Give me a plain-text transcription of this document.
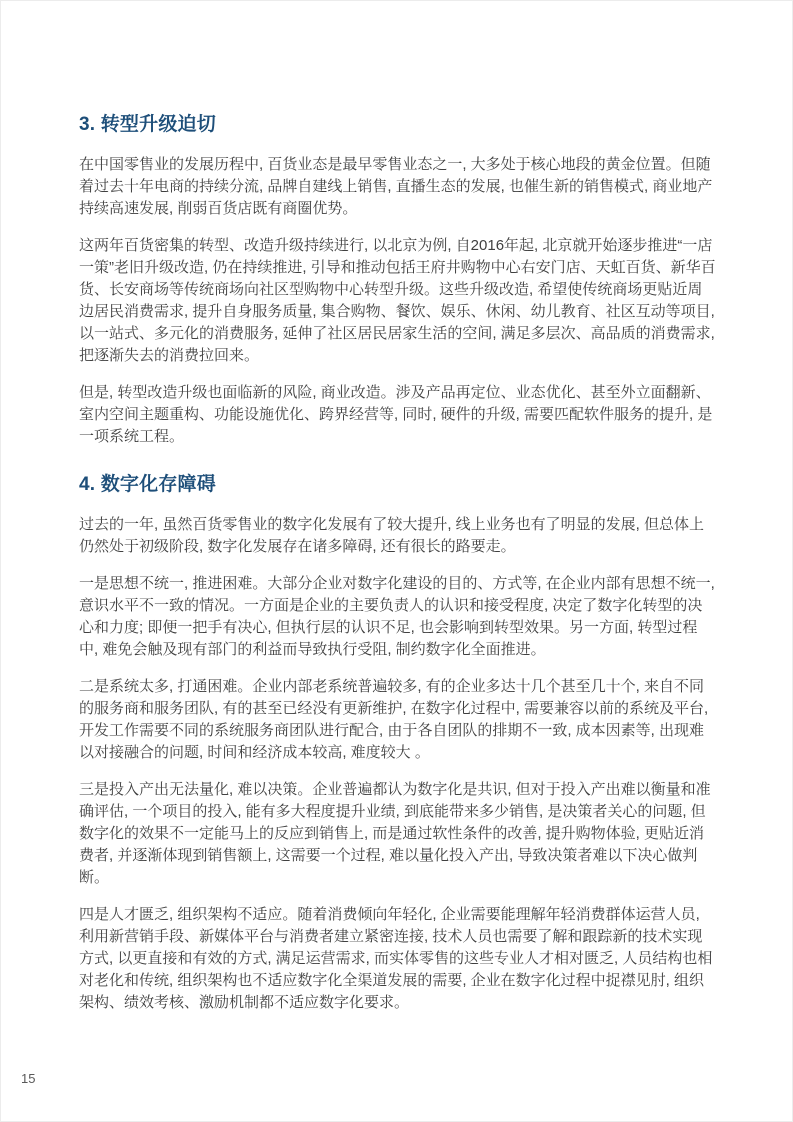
3. 转型升级迫切

在中国零售业的发展历程中, 百货业态是最早零售业态之一, 大多处于核心地段的黄金位置。但随着过去十年电商的持续分流, 品牌自建线上销售, 直播生态的发展, 也催生新的销售模式, 商业地产持续高速发展, 削弱百货店既有商圈优势。

这两年百货密集的转型、改造升级持续进行, 以北京为例, 自2016年起, 北京就开始逐步推进“一店一策”老旧升级改造, 仍在持续推进, 引导和推动包括王府井购物中心右安门店、天虹百货、新华百货、长安商场等传统商场向社区型购物中心转型升级。这些升级改造, 希望使传统商场更贴近周边居民消费需求, 提升自身服务质量, 集合购物、餐饮、娱乐、休闲、幼儿教育、社区互动等项目, 以一站式、多元化的消费服务, 延伸了社区居民居家生活的空间, 满足多层次、高品质的消费需求, 把逐渐失去的消费拉回来。

但是, 转型改造升级也面临新的风险, 商业改造。涉及产品再定位、业态优化、甚至外立面翻新、室内空间主题重构、功能设施优化、跨界经营等, 同时, 硬件的升级, 需要匹配软件服务的提升, 是一项系统工程。

4. 数字化存障碍

过去的一年, 虽然百货零售业的数字化发展有了较大提升, 线上业务也有了明显的发展, 但总体上仍然处于初级阶段, 数字化发展存在诸多障碍, 还有很长的路要走。

一是思想不统一, 推进困难。大部分企业对数字化建设的目的、方式等, 在企业内部有思想不统一, 意识水平不一致的情况。一方面是企业的主要负责人的认识和接受程度, 决定了数字化转型的决心和力度; 即便一把手有决心, 但执行层的认识不足, 也会影响到转型效果。另一方面, 转型过程中, 难免会触及现有部门的利益而导致执行受阻, 制约数字化全面推进。

二是系统太多, 打通困难。企业内部老系统普遍较多, 有的企业多达十几个甚至几十个, 来自不同的服务商和服务团队, 有的甚至已经没有更新维护, 在数字化过程中, 需要兼容以前的系统及平台, 开发工作需要不同的系统服务商团队进行配合, 由于各自团队的排期不一致, 成本因素等, 出现难以对接融合的问题, 时间和经济成本较高, 难度较大 。

三是投入产出无法量化, 难以决策。企业普遍都认为数字化是共识, 但对于投入产出难以衡量和准确评估, 一个项目的投入, 能有多大程度提升业绩, 到底能带来多少销售, 是决策者关心的问题, 但数字化的效果不一定能马上的反应到销售上, 而是通过软性条件的改善, 提升购物体验, 更贴近消费者, 并逐渐体现到销售额上, 这需要一个过程, 难以量化投入产出, 导致决策者难以下决心做判断。

四是人才匮乏, 组织架构不适应。随着消费倾向年轻化, 企业需要能理解年轻消费群体运营人员, 利用新营销手段、新媒体平台与消费者建立紧密连接, 技术人员也需要了解和跟踪新的技术实现方式, 以更直接和有效的方式, 满足运营需求, 而实体零售的这些专业人才相对匮乏, 人员结构也相对老化和传统, 组织架构也不适应数字化全渠道发展的需要, 企业在数字化过程中捉襟见肘, 组织架构、绩效考核、激励机制都不适应数字化要求。

15
